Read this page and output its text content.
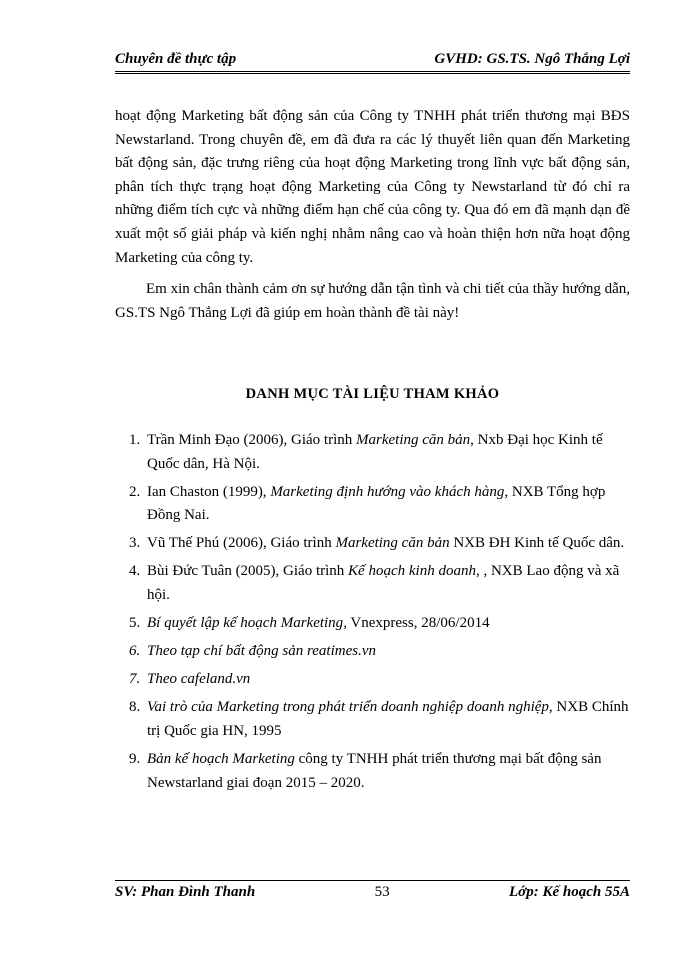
Chuyên đề thực tập	GVHD: GS.TS. Ngô Thắng Lợi

hoạt động Marketing bất động sản của Công ty TNHH phát triển thương mại BĐS Newstarland. Trong chuyên đề, em đã đưa ra các lý thuyết liên quan đến Marketing bất động sản, đặc trưng riêng của hoạt động Marketing trong lĩnh vực bất động sản, phân tích thực trạng hoạt động Marketing của Công ty Newstarland từ đó chỉ ra những điểm tích cực và những điểm hạn chế của công ty. Qua đó em đã mạnh dạn đề xuất một số giải pháp và kiến nghị nhằm nâng cao và hoàn thiện hơn nữa hoạt động Marketing của công ty.

Em xin chân thành cảm ơn sự hướng dẫn tận tình và chi tiết của thầy hướng dẫn, GS.TS Ngô Thắng Lợi đã giúp em hoàn thành đề tài này!

DANH MỤC TÀI LIỆU THAM KHẢO
1. Trần Minh Đạo (2006), Giáo trình Marketing căn bản, Nxb Đại học Kinh tế Quốc dân, Hà Nội.
2. Ian Chaston (1999), Marketing định hướng vào khách hàng, NXB Tổng hợp Đồng Nai.
3. Vũ Thế Phú (2006), Giáo trình Marketing căn bản NXB ĐH Kinh tế Quốc dân.
4. Bùi Đức Tuân (2005), Giáo trình Kế hoạch kinh doanh, , NXB Lao động và xã hội.
5. Bí quyết lập kế hoạch Marketing, Vnexpress, 28/06/2014
6. Theo tạp chí bất động sản reatimes.vn
7. Theo cafeland.vn
8. Vai trò của Marketing trong phát triển doanh nghiệp doanh nghiệp, NXB Chính trị Quốc gia HN, 1995
9. Bản kế hoạch Marketing công ty TNHH phát triển thương mại bất động sản Newstarland giai đoạn 2015 – 2020.
SV: Phan Đình Thanh	53	Lớp: Kế hoạch 55A
